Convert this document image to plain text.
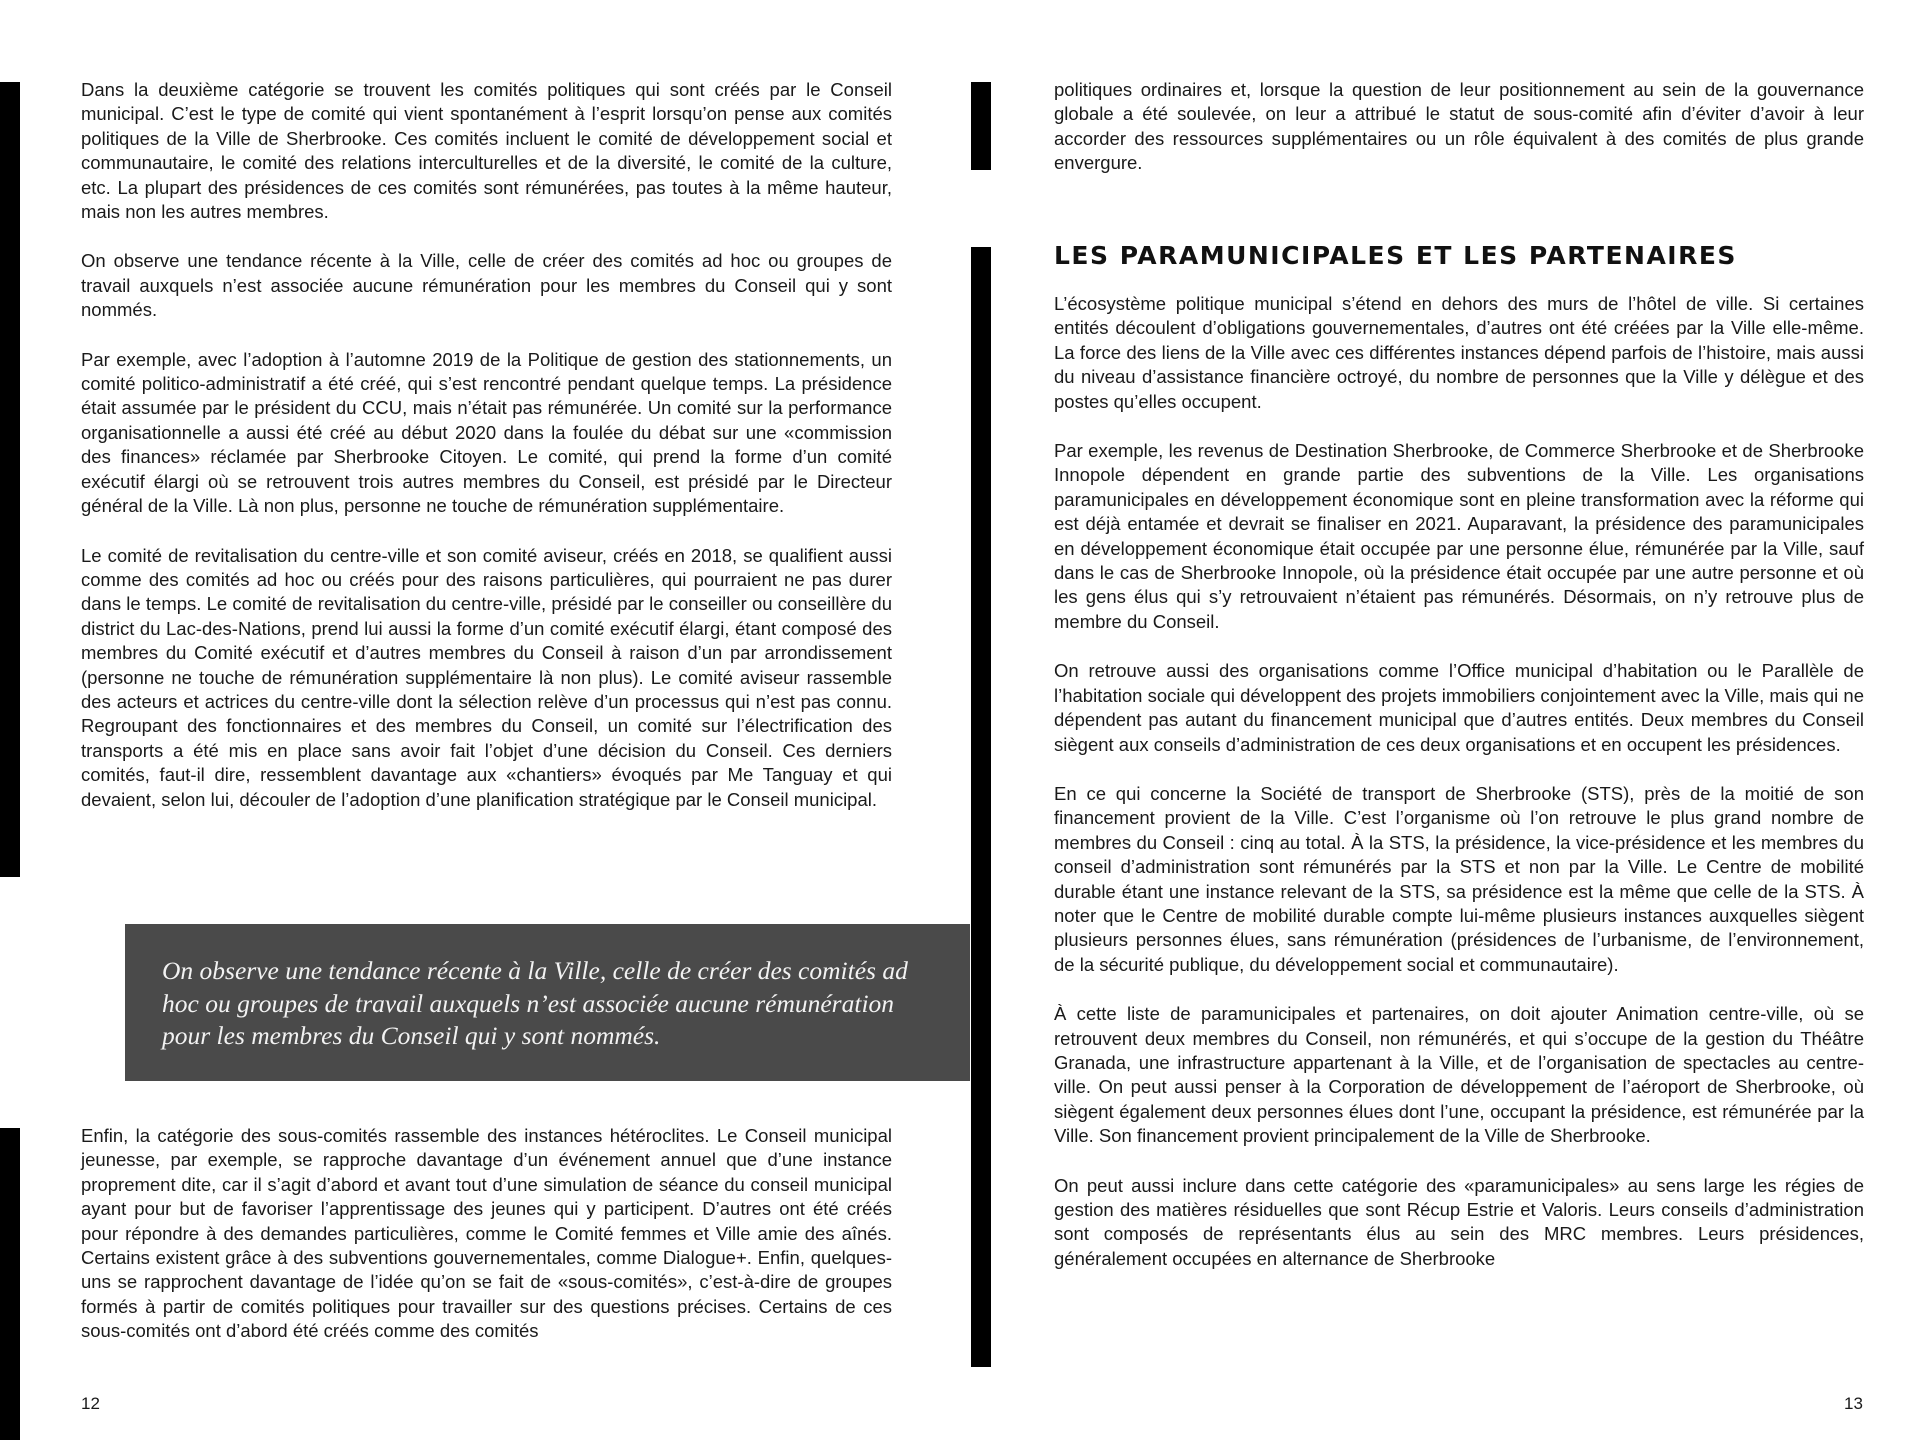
Dans la deuxième catégorie se trouvent les comités politiques qui sont créés par le Conseil municipal. C’est le type de comité qui vient spontanément à l’esprit lorsqu’on pense aux comités politiques de la Ville de Sherbrooke. Ces comités incluent le comité de développement social et communautaire, le comité des relations interculturelles et de la diversité, le comité de la culture, etc. La plupart des présidences de ces comités sont rémunérées, pas toutes à la même hauteur, mais non les autres membres.

On observe une tendance récente à la Ville, celle de créer des comités ad hoc ou groupes de travail auxquels n’est associée aucune rémunération pour les membres du Conseil qui y sont nommés.

Par exemple, avec l’adoption à l’automne 2019 de la Politique de gestion des stationnements, un comité politico-administratif a été créé, qui s’est rencontré pendant quelque temps. La présidence était assumée par le président du CCU, mais n’était pas rémunérée. Un comité sur la performance organisationnelle a aussi été créé au début 2020 dans la foulée du débat sur une «commission des finances» réclamée par Sherbrooke Citoyen. Le comité, qui prend la forme d’un comité exécutif élargi où se retrouvent trois autres membres du Conseil, est présidé par le Directeur général de la Ville. Là non plus, personne ne touche de rémunération supplémentaire.

Le comité de revitalisation du centre-ville et son comité aviseur, créés en 2018, se qualifient aussi comme des comités ad hoc ou créés pour des raisons particulières, qui pourraient ne pas durer dans le temps. Le comité de revitalisation du centre-ville, présidé par le conseiller ou conseillère du district du Lac-des-Nations, prend lui aussi la forme d’un comité exécutif élargi, étant composé des membres du Comité exécutif et d’autres membres du Conseil à raison d’un par arrondissement (personne ne touche de rémunération supplémentaire là non plus). Le comité aviseur rassemble des acteurs et actrices du centre-ville dont la sélection relève d’un processus qui n’est pas connu. Regroupant des fonctionnaires et des membres du Conseil, un comité sur l’électrification des transports a été mis en place sans avoir fait l’objet d’une décision du Conseil. Ces derniers comités, faut-il dire, ressemblent davantage aux «chantiers» évoqués par Me Tanguay et qui devaient, selon lui, découler de l’adoption d’une planification stratégique par le Conseil municipal.

On observe une tendance récente à la Ville, celle de créer des comités ad hoc ou groupes de travail auxquels n’est associée aucune rémunération pour les membres du Conseil qui y sont nommés.

Enfin, la catégorie des sous-comités rassemble des instances hétéroclites. Le Conseil municipal jeunesse, par exemple, se rapproche davantage d’un événement annuel que d’une instance proprement dite, car il s’agit d’abord et avant tout d’une simulation de séance du conseil municipal ayant pour but de favoriser l’apprentissage des jeunes qui y participent. D’autres ont été créés pour répondre à des demandes particulières, comme le Comité femmes et Ville amie des aînés. Certains existent grâce à des subventions gouvernementales, comme Dialogue+. Enfin, quelques-uns se rapprochent davantage de l’idée qu’on se fait de «sous-comités», c’est-à-dire de groupes formés à partir de comités politiques pour travailler sur des questions précises. Certains de ces sous-comités ont d’abord été créés comme des comités

12

politiques ordinaires et, lorsque la question de leur positionnement au sein de la gouvernance globale a été soulevée, on leur a attribué le statut de sous-comité afin d’éviter d’avoir à leur accorder des ressources supplémentaires ou un rôle équivalent à des comités de plus grande envergure.

LES PARAMUNICIPALES ET LES PARTENAIRES

L’écosystème politique municipal s’étend en dehors des murs de l’hôtel de ville. Si certaines entités découlent d’obligations gouvernementales, d’autres ont été créées par la Ville elle-même. La force des liens de la Ville avec ces différentes instances dépend parfois de l’histoire, mais aussi du niveau d’assistance financière octroyé, du nombre de personnes que la Ville y délègue et des postes qu’elles occupent.

Par exemple, les revenus de Destination Sherbrooke, de Commerce Sherbrooke et de Sherbrooke Innopole dépendent en grande partie des subventions de la Ville. Les organisations paramunicipales en développement économique sont en pleine transformation avec la réforme qui est déjà entamée et devrait se finaliser en 2021. Auparavant, la présidence des paramunicipales en développement économique était occupée par une personne élue, rémunérée par la Ville, sauf dans le cas de Sherbrooke Innopole, où la présidence était occupée par une autre personne et où les gens élus qui s’y retrouvaient n’étaient pas rémunérés. Désormais, on n’y retrouve plus de membre du Conseil.

On retrouve aussi des organisations comme l’Office municipal d’habitation ou le Parallèle de l’habitation sociale qui développent des projets immobiliers conjointement avec la Ville, mais qui ne dépendent pas autant du financement municipal que d’autres entités. Deux membres du Conseil siègent aux conseils d’administration de ces deux organisations et en occupent les présidences.

En ce qui concerne la Société de transport de Sherbrooke (STS), près de la moitié de son financement provient de la Ville. C’est l’organisme où l’on retrouve le plus grand nombre de membres du Conseil : cinq au total. À la STS, la présidence, la vice-présidence et les membres du conseil d’administration sont rémunérés par la STS et non par la Ville. Le Centre de mobilité durable étant une instance relevant de la STS, sa présidence est la même que celle de la STS. À noter que le Centre de mobilité durable compte lui-même plusieurs instances auxquelles siègent plusieurs personnes élues, sans rémunération (présidences de l’urbanisme, de l’environnement, de la sécurité publique, du développement social et communautaire).

À cette liste de paramunicipales et partenaires, on doit ajouter Animation centre-ville, où se retrouvent deux membres du Conseil, non rémunérés, et qui s’occupe de la gestion du Théâtre Granada, une infrastructure appartenant à la Ville, et de l’organisation de spectacles au centre-ville. On peut aussi penser à la Corporation de développement de l’aéroport de Sherbrooke, où siègent également deux personnes élues dont l’une, occupant la présidence, est rémunérée par la Ville. Son financement provient principalement de la Ville de Sherbrooke.

On peut aussi inclure dans cette catégorie des «paramunicipales» au sens large les régies de gestion des matières résiduelles que sont Récup Estrie et Valoris. Leurs conseils d’administration sont composés de représentants élus au sein des MRC membres. Leurs présidences, généralement occupées en alternance de Sherbrooke

13
